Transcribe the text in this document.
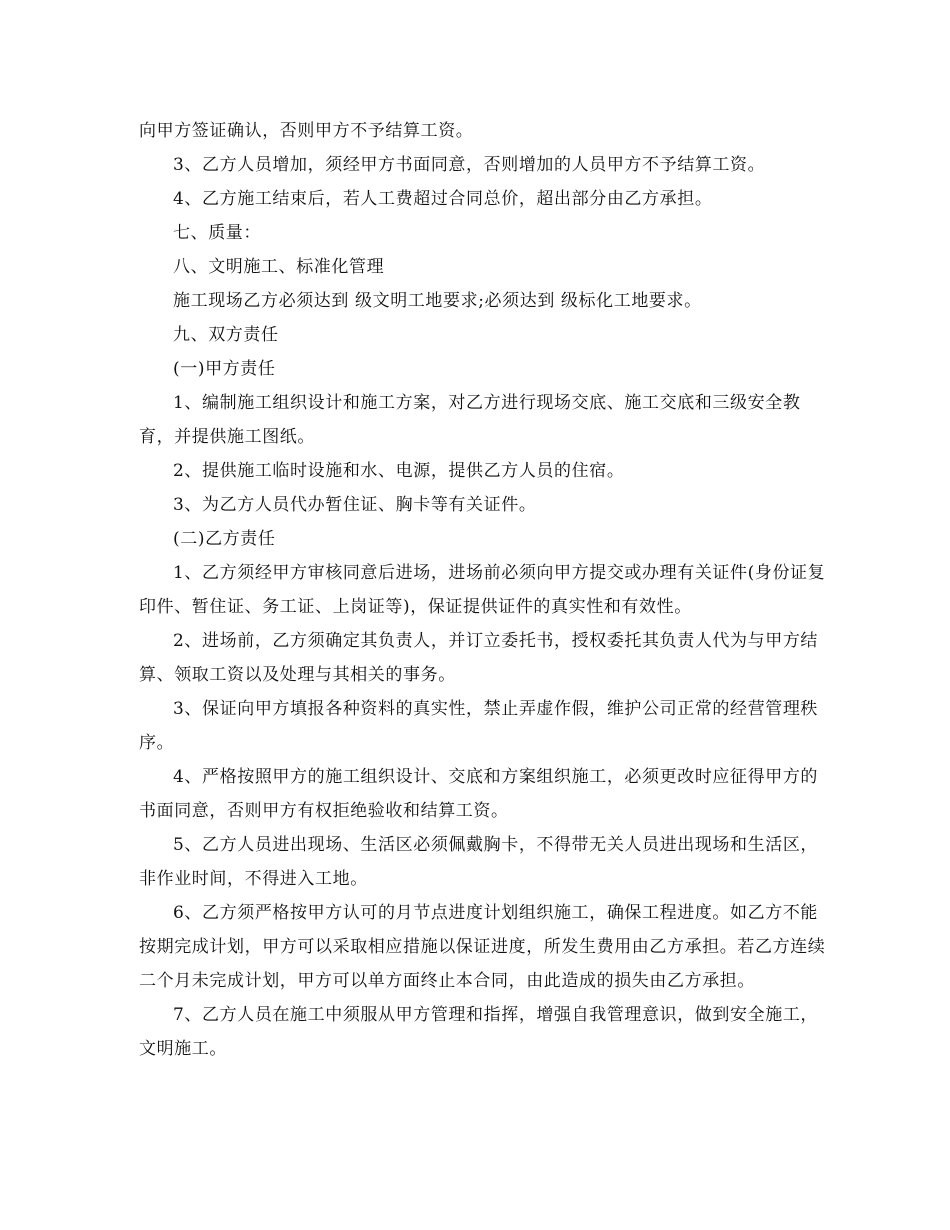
向甲方签证确认，否则甲方不予结算工资。

3、乙方人员增加，须经甲方书面同意，否则增加的人员甲方不予结算工资。

4、乙方施工结束后，若人工费超过合同总价，超出部分由乙方承担。

七、质量：

八、文明施工、标准化管理

施工现场乙方必须达到 级文明工地要求;必须达到 级标化工地要求。

九、双方责任

(一)甲方责任

1、编制施工组织设计和施工方案，对乙方进行现场交底、施工交底和三级安全教育，并提供施工图纸。

2、提供施工临时设施和水、电源，提供乙方人员的住宿。

3、为乙方人员代办暂住证、胸卡等有关证件。

(二)乙方责任

1、乙方须经甲方审核同意后进场，进场前必须向甲方提交或办理有关证件(身份证复印件、暂住证、务工证、上岗证等)，保证提供证件的真实性和有效性。

2、进场前，乙方须确定其负责人，并订立委托书，授权委托其负责人代为与甲方结算、领取工资以及处理与其相关的事务。

3、保证向甲方填报各种资料的真实性，禁止弄虚作假，维护公司正常的经营管理秩序。

4、严格按照甲方的施工组织设计、交底和方案组织施工，必须更改时应征得甲方的书面同意，否则甲方有权拒绝验收和结算工资。

5、乙方人员进出现场、生活区必须佩戴胸卡，不得带无关人员进出现场和生活区，非作业时间，不得进入工地。

6、乙方须严格按甲方认可的月节点进度计划组织施工，确保工程进度。如乙方不能按期完成计划，甲方可以采取相应措施以保证进度，所发生费用由乙方承担。若乙方连续二个月未完成计划，甲方可以单方面终止本合同，由此造成的损失由乙方承担。

7、乙方人员在施工中须服从甲方管理和指挥，增强自我管理意识，做到安全施工，文明施工。
